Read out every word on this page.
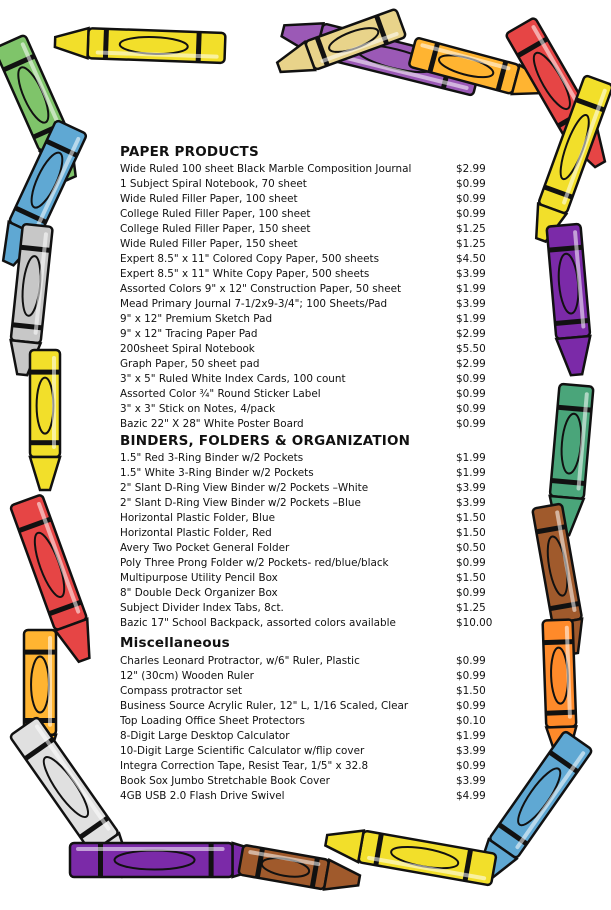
PAPER PRODUCTS
Wide Ruled 100 sheet Black Marble Composition Journal	$2.99
1 Subject Spiral Notebook, 70 sheet	$0.99
Wide Ruled Filler Paper, 100 sheet	$0.99
College Ruled Filler Paper, 100 sheet	$0.99
College Ruled Filler Paper, 150 sheet	$1.25
Wide Ruled Filler Paper, 150 sheet	$1.25
Expert 8.5" x 11" Colored Copy Paper, 500 sheets	$4.50
Expert 8.5" x 11" White Copy Paper, 500 sheets	$3.99
Assorted Colors 9" x 12" Construction Paper, 50 sheet	$1.99
Mead Primary Journal 7-1/2x9-3/4"; 100 Sheets/Pad	$3.99
9" x 12" Premium Sketch Pad	$1.99
9" x 12" Tracing Paper Pad	$2.99
200sheet Spiral Notebook	$5.50
Graph Paper, 50 sheet pad	$2.99
3" x 5" Ruled White Index Cards, 100 count	$0.99
Assorted Color ¾" Round Sticker Label	$0.99
3" x 3" Stick on Notes, 4/pack	$0.99
Bazic 22" X 28" White Poster Board	$0.99
BINDERS, FOLDERS & ORGANIZATION
1.5" Red 3-Ring Binder w/2 Pockets	$1.99
1.5" White 3-Ring Binder w/2 Pockets	$1.99
2" Slant D-Ring View Binder w/2 Pockets –White	$3.99
2" Slant D-Ring View Binder w/2 Pockets –Blue	$3.99
Horizontal Plastic Folder, Blue	$1.50
Horizontal Plastic Folder, Red	$1.50
Avery Two Pocket General Folder	$0.50
Poly Three Prong Folder w/2 Pockets- red/blue/black	$0.99
Multipurpose Utility Pencil Box	$1.50
8" Double Deck Organizer Box	$0.99
Subject Divider Index Tabs, 8ct.	$1.25
Bazic 17" School Backpack, assorted colors available	$10.00
Miscellaneous
Charles Leonard Protractor, w/6" Ruler, Plastic	$0.99
12" (30cm) Wooden Ruler	$0.99
Compass protractor set	$1.50
Business Source Acrylic Ruler, 12" L, 1/16 Scaled, Clear	$0.99
Top Loading Office Sheet Protectors	$0.10
8-Digit Large Desktop Calculator	$1.99
10-Digit Large Scientific Calculator w/flip cover	$3.99
Integra Correction Tape, Resist Tear, 1/5" x 32.8	$0.99
Book Sox Jumbo Stretchable Book Cover	$3.99
4GB USB 2.0 Flash Drive Swivel	$4.99
